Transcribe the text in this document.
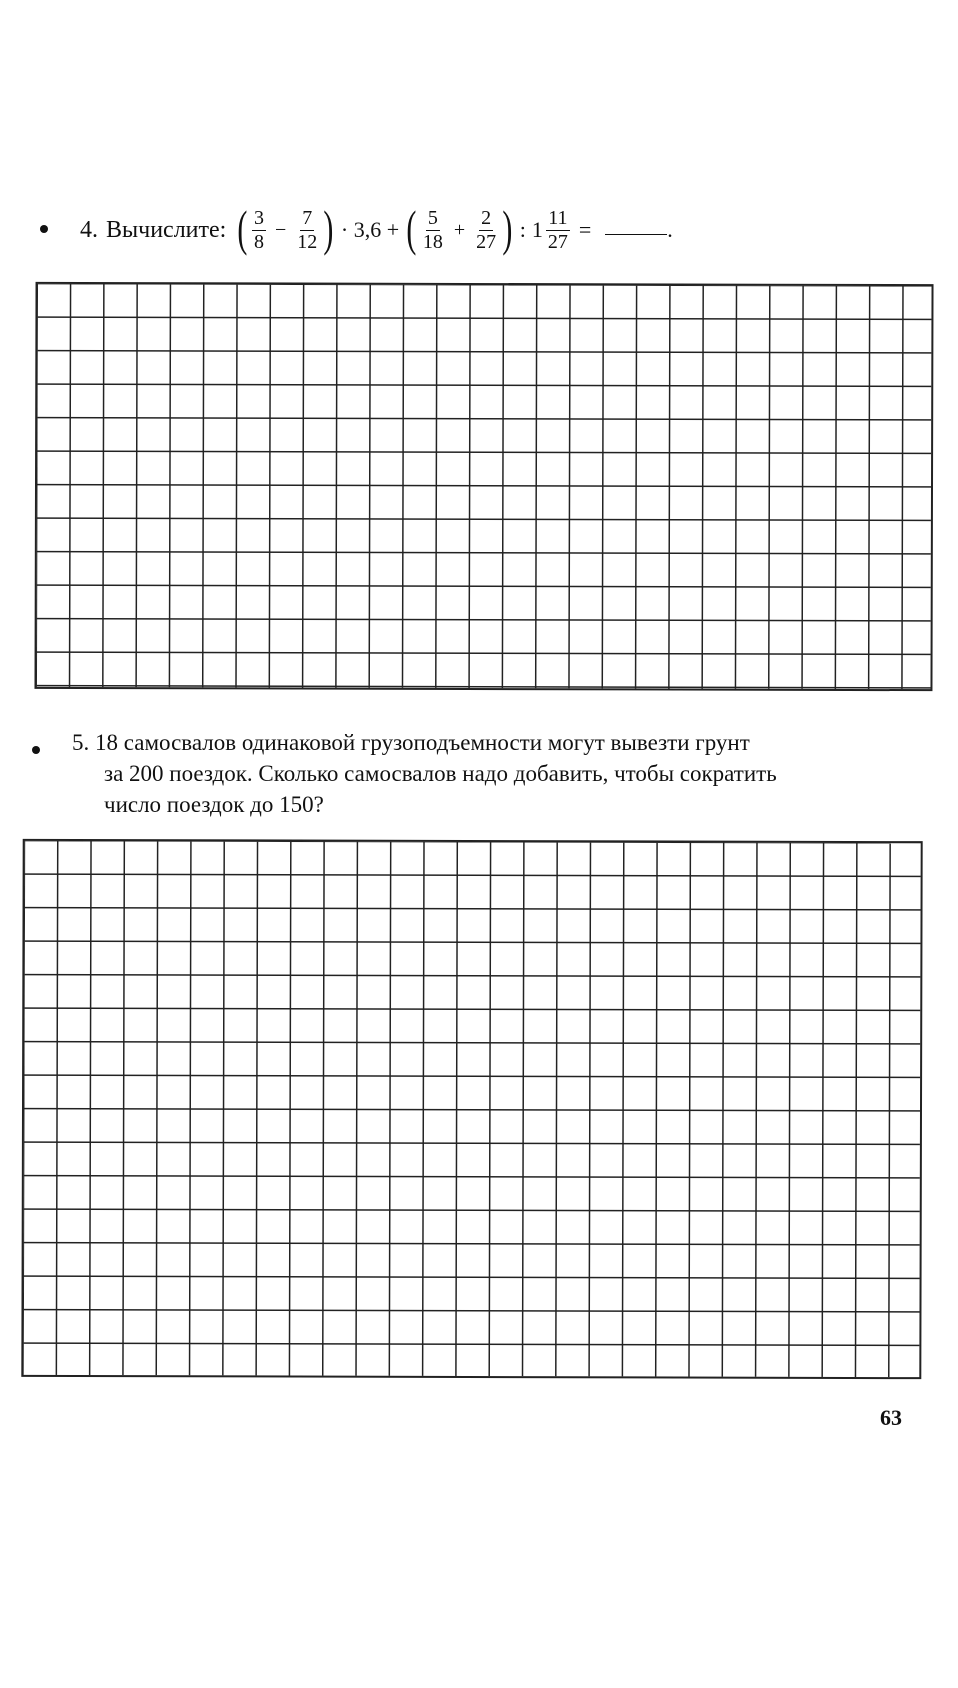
4. Вычислите: ( $\frac{3}{8} - \frac{7}{12}$ ) · 3,6 + ( $\frac{5}{18} + \frac{2}{27}$ ) : $1 \frac{11}{27}$ =	.
5. 18 самосвалов одинаковой грузоподъемности могут вывезти грунт
за 200 поездок. Сколько самосвалов надо добавить, чтобы сократить
число поездок до 150?
63
